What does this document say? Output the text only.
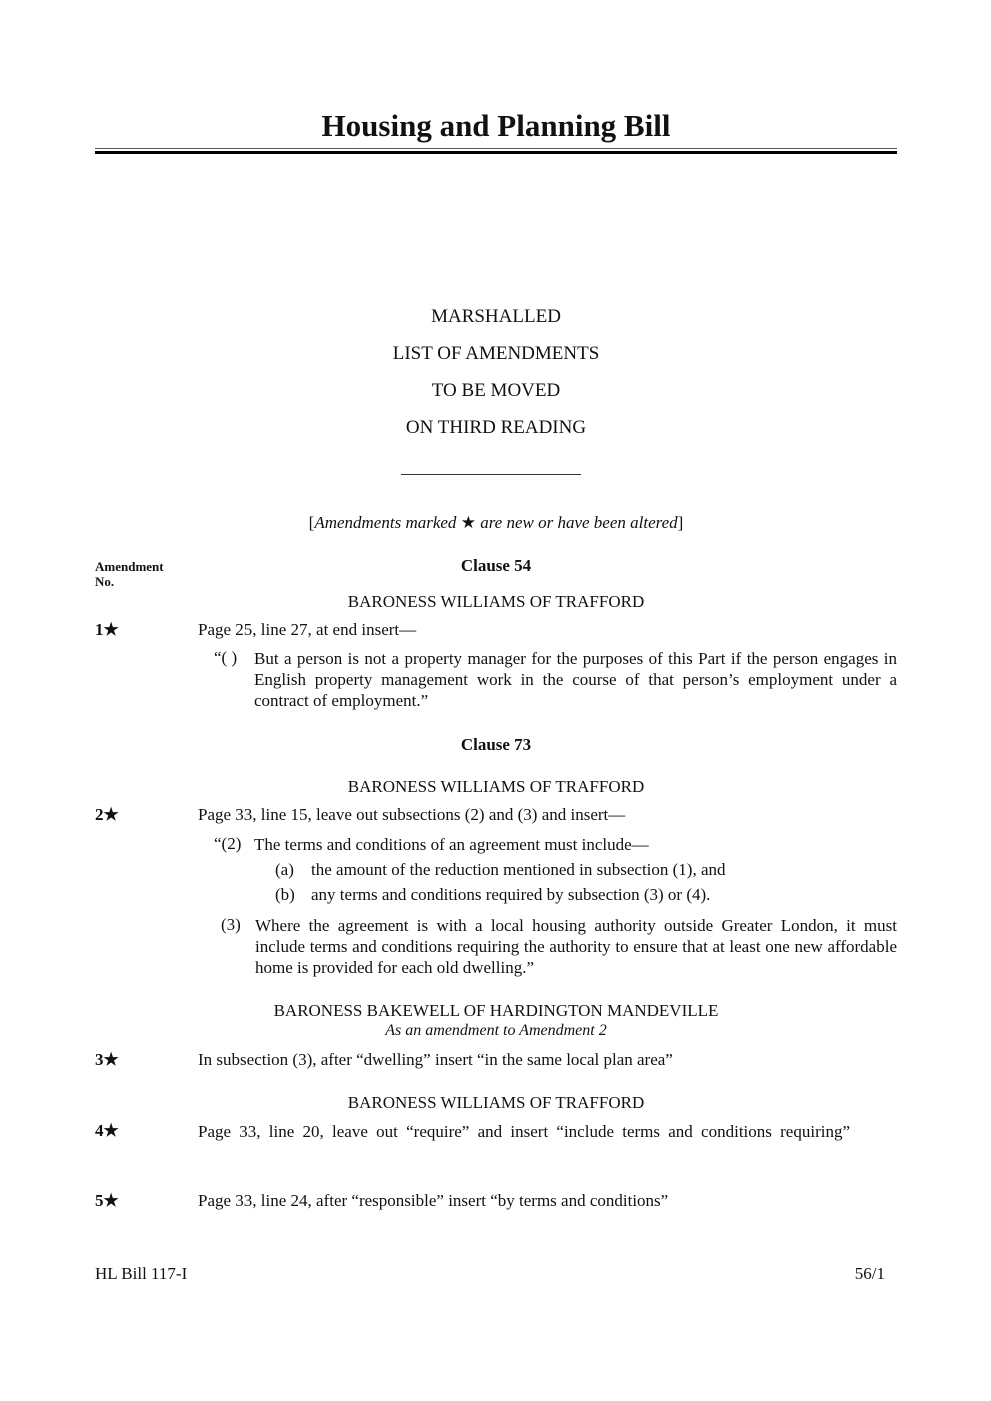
Housing and Planning Bill
MARSHALLED
LIST OF AMENDMENTS
TO BE MOVED
ON THIRD READING
[Amendments marked ★ are new or have been altered]
Amendment
No.
Clause 54
BARONESS WILLIAMS OF TRAFFORD
1★	Page 25, line 27, at end insert—
“( ) But a person is not a property manager for the purposes of this Part if the person engages in English property management work in the course of that person’s employment under a contract of employment.”
Clause 73
BARONESS WILLIAMS OF TRAFFORD
2★	Page 33, line 15, leave out subsections (2) and (3) and insert—
“(2) The terms and conditions of an agreement must include—
(a)	the amount of the reduction mentioned in subsection (1), and
(b) any terms and conditions required by subsection (3) or (4).
(3) Where the agreement is with a local housing authority outside Greater London, it must include terms and conditions requiring the authority to ensure that at least one new affordable home is provided for each old dwelling.”
BARONESS BAKEWELL OF HARDINGTON MANDEVILLE
As an amendment to Amendment 2
3★	In subsection (3), after “dwelling” insert “in the same local plan area”
BARONESS WILLIAMS OF TRAFFORD
4★	Page 33, line 20, leave out “require” and insert “include terms and conditions requiring”
5★	Page 33, line 24, after “responsible” insert “by terms and conditions”
HL Bill 117-I	56/1
